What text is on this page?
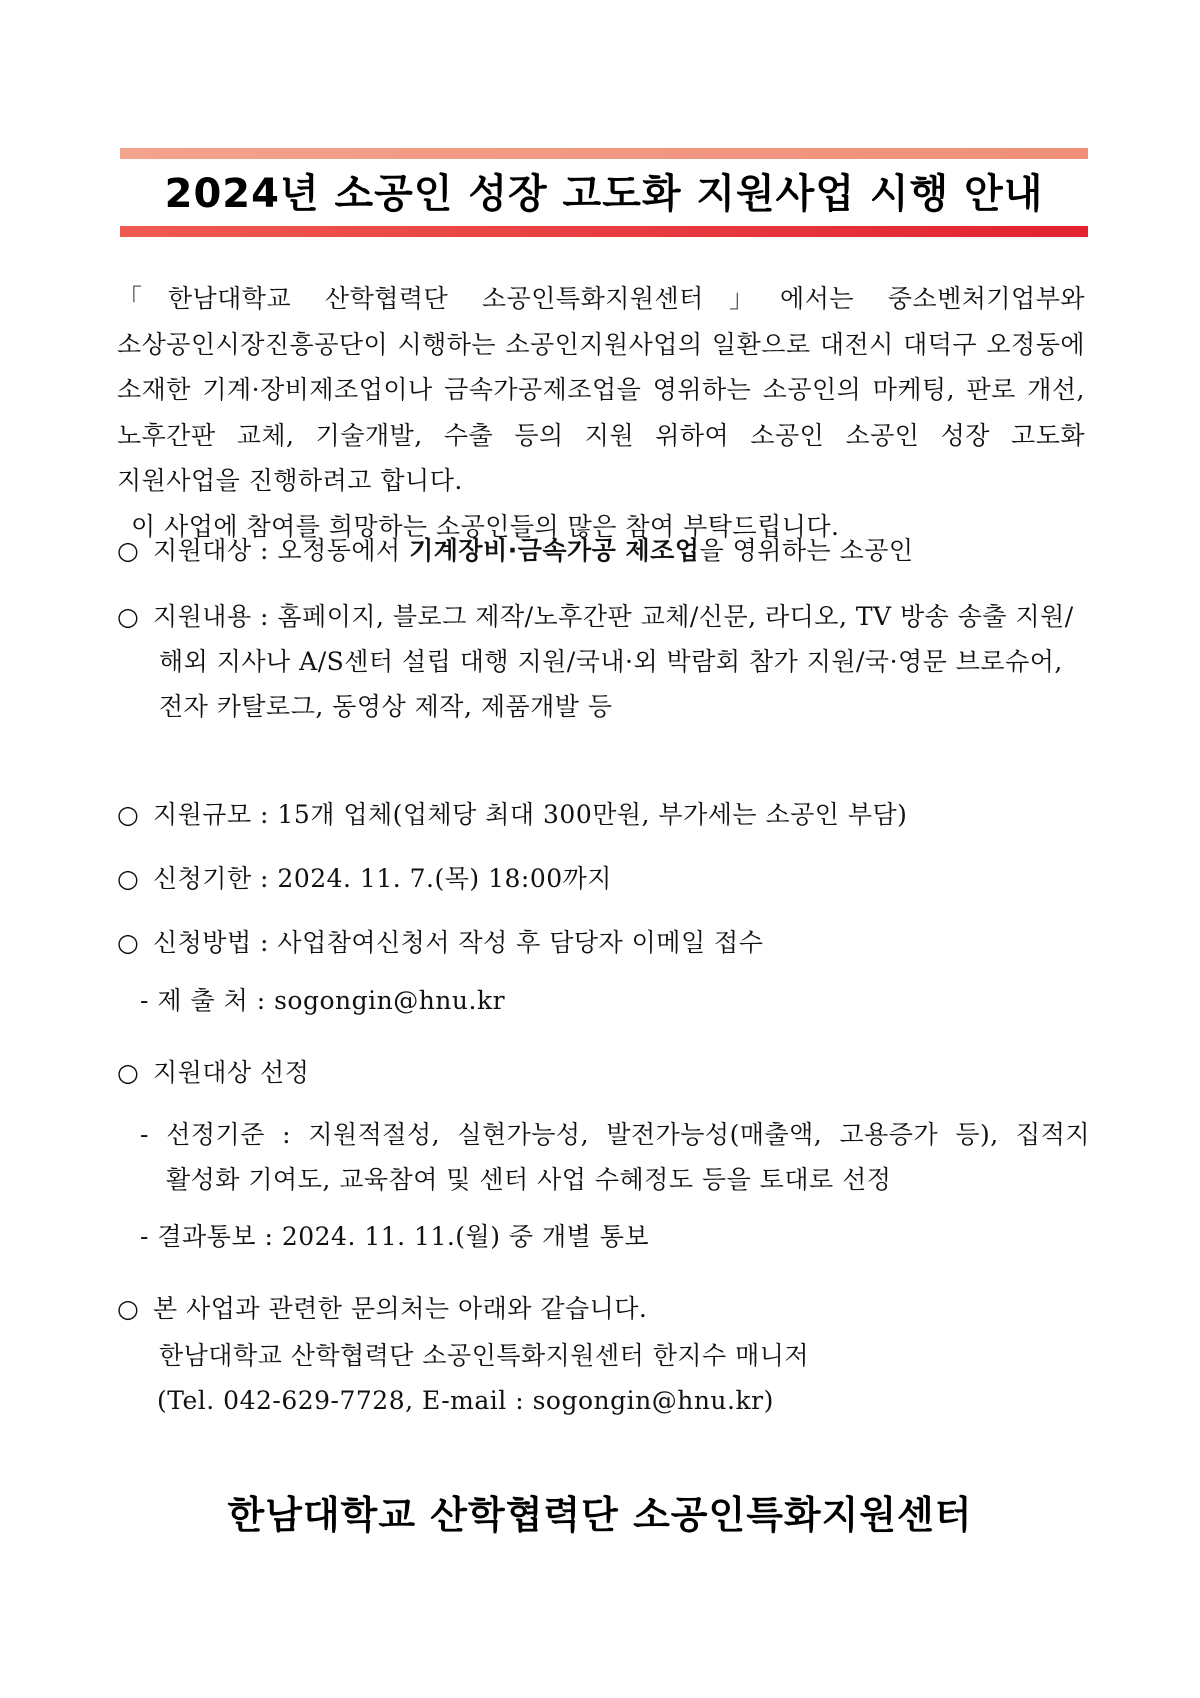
2024년 소공인 성장 고도화 지원사업 시행 안내

「한남대학교 산학협력단 소공인특화지원센터」에서는 중소벤처기업부와 소상공인시장진흥공단이 시행하는 소공인지원사업의 일환으로 대전시 대덕구 오정동에 소재한 기계·장비제조업이나 금속가공제조업을 영위하는 소공인의 마케팅, 판로 개선, 노후간판 교체, 기술개발, 수출 등의 지원 위하여 소공인 소공인 성장 고도화 지원사업을 진행하려고 합니다.

이 사업에 참여를 희망하는 소공인들의 많은 참여 부탁드립니다.

○ 지원대상 : 오정동에서 기계장비·금속가공 제조업을 영위하는 소공인
○ 지원내용 : 홈페이지, 블로그 제작/노후간판 교체/신문, 라디오, TV 방송 송출 지원/해외 지사나 A/S센터 설립 대행 지원/국내·외 박람회 참가 지원/국·영문 브로슈어, 전자 카탈로그, 동영상 제작, 제품개발 등
○ 지원규모 : 15개 업체(업체당 최대 300만원, 부가세는 소공인 부담)
○ 신청기한 : 2024. 11. 7.(목) 18:00까지
○ 신청방법 : 사업참여신청서 작성 후 담당자 이메일 접수
- 제 출 처 : sogongin@hnu.kr
○ 지원대상 선정
- 선정기준 : 지원적절성, 실현가능성, 발전가능성(매출액, 고용증가 등), 집적지 활성화 기여도, 교육참여 및 센터 사업 수혜정도 등을 토대로 선정
- 결과통보 : 2024. 11. 11.(월) 중 개별 통보
○ 본 사업과 관련한 문의처는 아래와 같습니다.
한남대학교 산학협력단 소공인특화지원센터 한지수 매니저
(Tel. 042-629-7728, E-mail : sogongin@hnu.kr)
한남대학교 산학협력단 소공인특화지원센터
